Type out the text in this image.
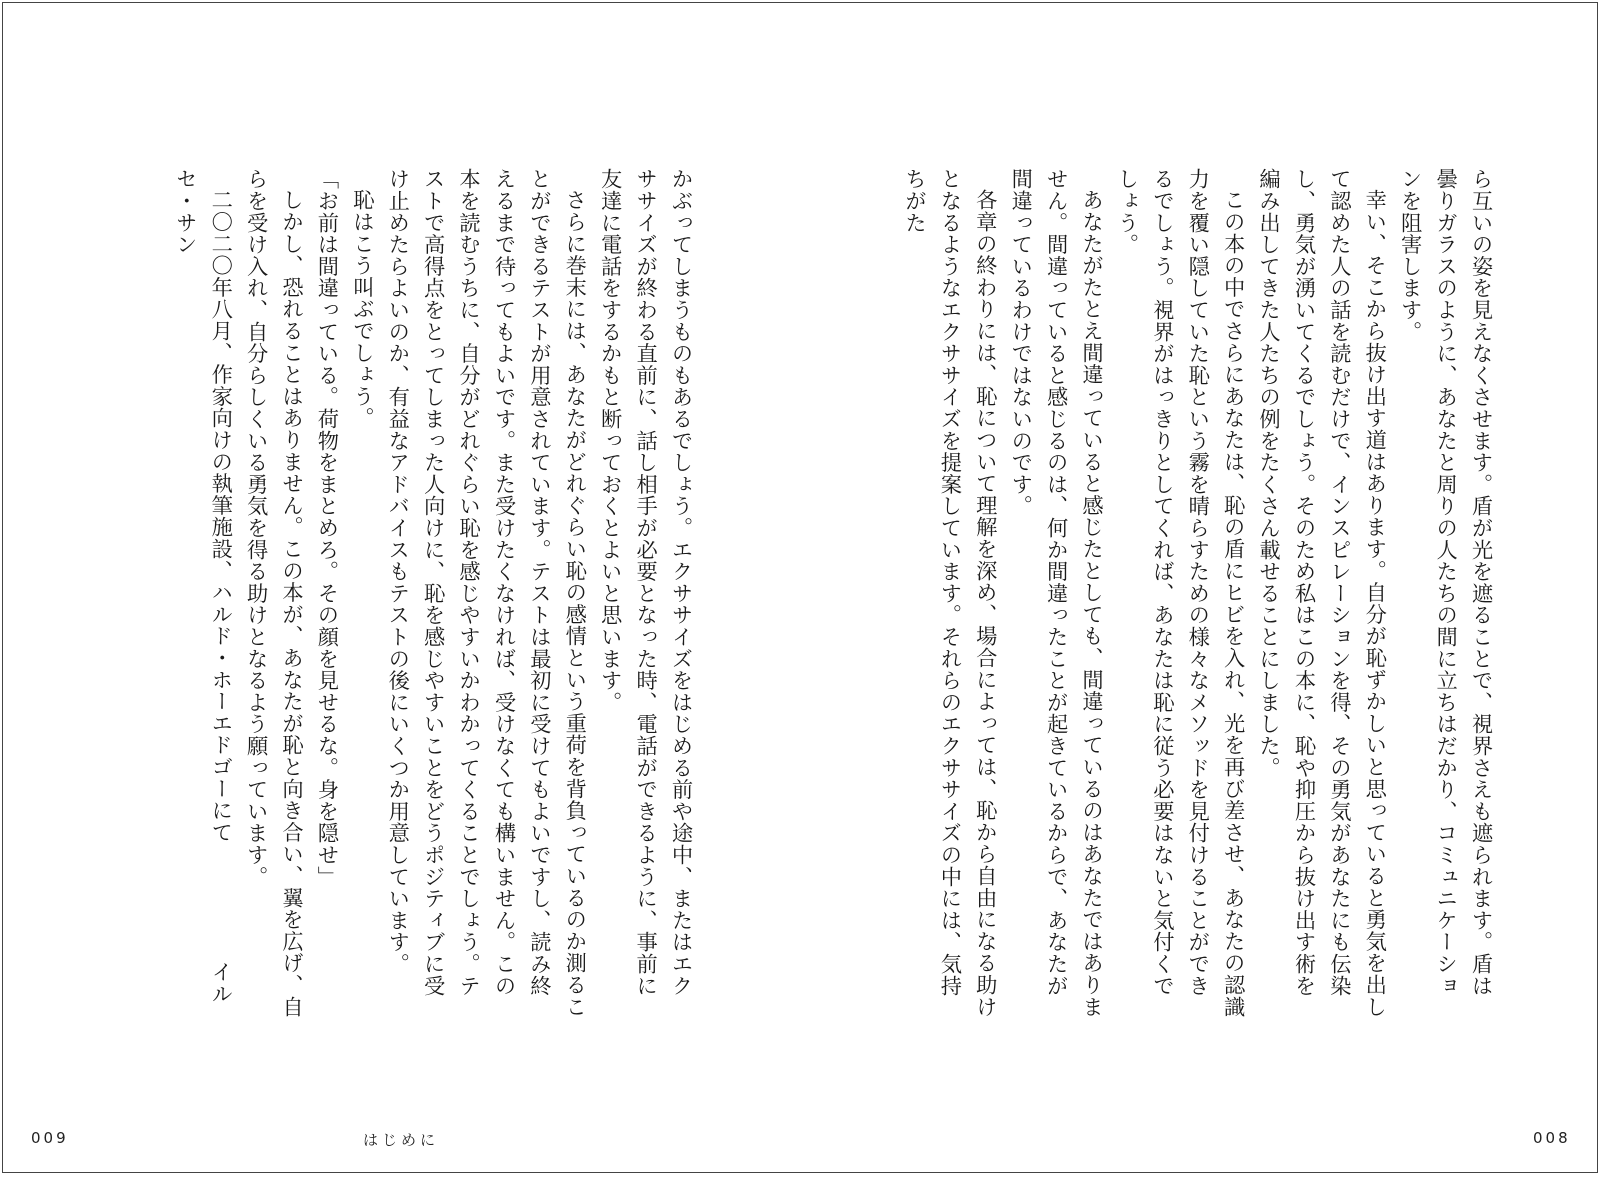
ら互いの姿を見えなくさせます。盾が光を遮ることで、視界さえも遮られます。盾は曇りガラスのように、あなたと周りの人たちの間に立ちはだかり、コミュニケーションを阻害します。

幸い、そこから抜け出す道はあります。自分が恥ずかしいと思っていると勇気を出して認めた人の話を読むだけで、インスピレーションを得、その勇気があなたにも伝染し、勇気が湧いてくるでしょう。そのため私はこの本に、恥や抑圧から抜け出す術を編み出してきた人たちの例をたくさん載せることにしました。

この本の中でさらにあなたは、恥の盾にヒビを入れ、光を再び差させ、あなたの認識力を覆い隠していた恥という霧を晴らすための様々なメソッドを見付けることができるでしょう。視界がはっきりとしてくれば、あなたは恥に従う必要はないと気付くでしょう。

あなたがたとえ間違っていると感じたとしても、間違っているのはあなたではありません。間違っていると感じるのは、何か間違ったことが起きているからで、あなたが間違っているわけではないのです。

各章の終わりには、恥について理解を深め、場合によっては、恥から自由になる助けとなるようなエクササイズを提案しています。それらのエクササイズの中には、気持ちがた

かぶってしまうものもあるでしょう。エクササイズをはじめる前や途中、またはエクササイズが終わる直前に、話し相手が必要となった時、電話ができるように、事前に友達に電話をするかもと断っておくとよいと思います。

さらに巻末には、あなたがどれぐらい恥の感情という重荷を背負っているのか測ることができるテストが用意されています。テストは最初に受けてもよいですし、読み終えるまで待ってもよいです。また受けたくなければ、受けなくても構いません。この本を読むうちに、自分がどれぐらい恥を感じやすいかわかってくることでしょう。テストで高得点をとってしまった人向けに、恥を感じやすいことをどうポジティブに受け止めたらよいのか、有益なアドバイスもテストの後にいくつか用意しています。

恥はこう叫ぶでしょう。

「お前は間違っている。荷物をまとめろ。その顔を見せるな。身を隠せ」

しかし、恐れることはありません。この本が、あなたが恥と向き合い、翼を広げ、自らを受け入れ、自分らしくいる勇気を得る助けとなるよう願っています。

二〇二〇年八月、作家向けの執筆施設、ハルド・ホーエドゴーにてイルセ・サン

009	はじめに	008
